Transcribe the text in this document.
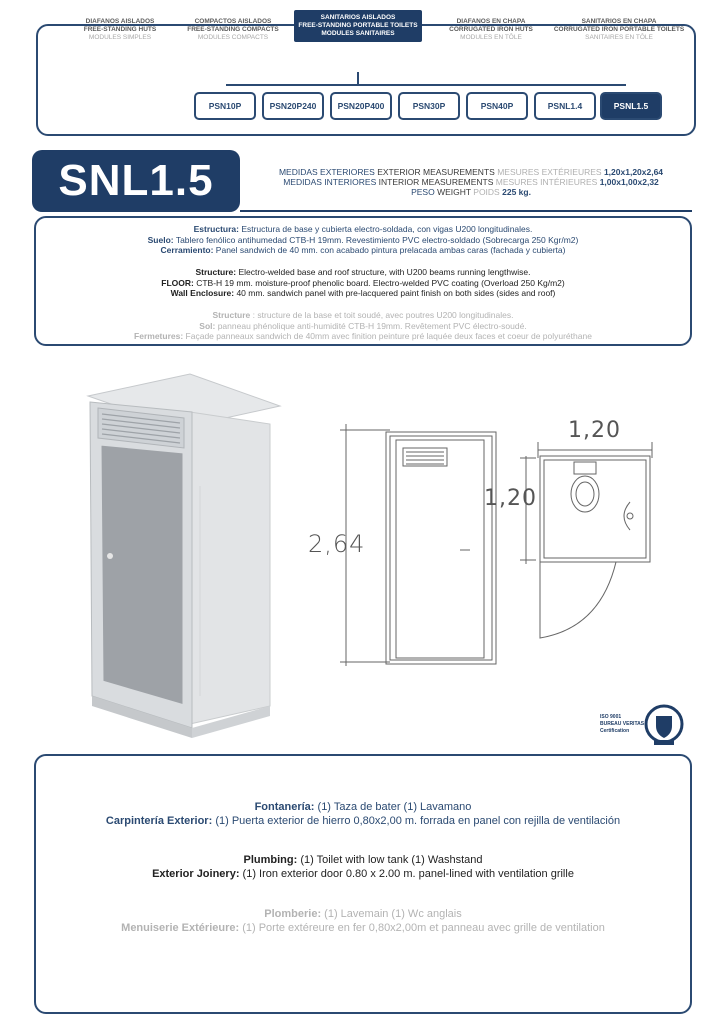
DIAFANOS AISLADOS
FREE-STANDING HUTS
MODULES SIMPLES
COMPACTOS AISLADOS
FREE-STANDING COMPACTS
MODULES COMPACTS
SANITARIOS AISLADOS
FREE-STANDING PORTABLE TOILETS
MODULES SANITAIRES
DIAFANOS EN CHAPA
CORRUGATED IRON HUTS
MODULES EN TÔLE
SANITARIOS EN CHAPA
CORRUGATED IRON PORTABLE TOILETS
SANITAIRES EN TÔLE
PSN10P	PSN20P240	PSN20P400	PSN30P	PSN40P	PSNL1.4	PSNL1.5
SNL1.5	MEDIDAS EXTERIORES EXTERIOR MEASUREMENTS MESURES EXTÉRIEURES 1,20x1,20x2,64
MEDIDAS INTERIORES INTERIOR MEASUREMENTS MESURES INTÉRIEURES 1,00x1,00x2,32
PESO WEIGHT POIDS 225 kg.
Estructura: Estructura de base y cubierta electro-soldada, con vigas U200 longitudinales.
Suelo: Tablero fenólico antihumedad CTB-H 19mm. Revestimiento PVC electro-soldado (Sobrecarga 250 Kgr/m2)
Cerramiento: Panel sandwich de 40 mm. con acabado pintura prelacada ambas caras (fachada y cubierta)
Structure: Electro-welded base and roof structure, with U200 beams running lengthwise.
FLOOR: CTB-H 19 mm. moisture-proof phenolic board. Electro-welded PVC coating (Overload 250 Kg/m2)
Wall Enclosure: 40 mm. sandwich panel with pre-lacquered paint finish on both sides (sides and roof)
Structure : structure de la base et toit soudé, avec poutres U200 longitudinales.
Sol: panneau phénolique anti-humidité CTB-H 19mm. Revêtement PVC électro-soudé.
Fermetures: Façade panneaux sandwich de 40mm avec finition peinture pré laquée deux faces et coeur de polyuréthane
2,64
1,20
1,20
ISO 9001
BUREAU VERITAS
Certification
Fontanería: (1) Taza de bater (1) Lavamano
Carpintería Exterior: (1) Puerta exterior de hierro 0,80x2,00 m. forrada en panel con rejilla de ventilación
Plumbing: (1) Toilet with low tank (1) Washstand
Exterior Joinery: (1) Iron exterior door 0.80 x 2.00 m. panel-lined with ventilation grille
Plomberie: (1) Lavemain (1) Wc anglais
Menuiserie Extérieure: (1) Porte extéreure en fer 0,80x2,00m et panneau avec grille de ventilation
